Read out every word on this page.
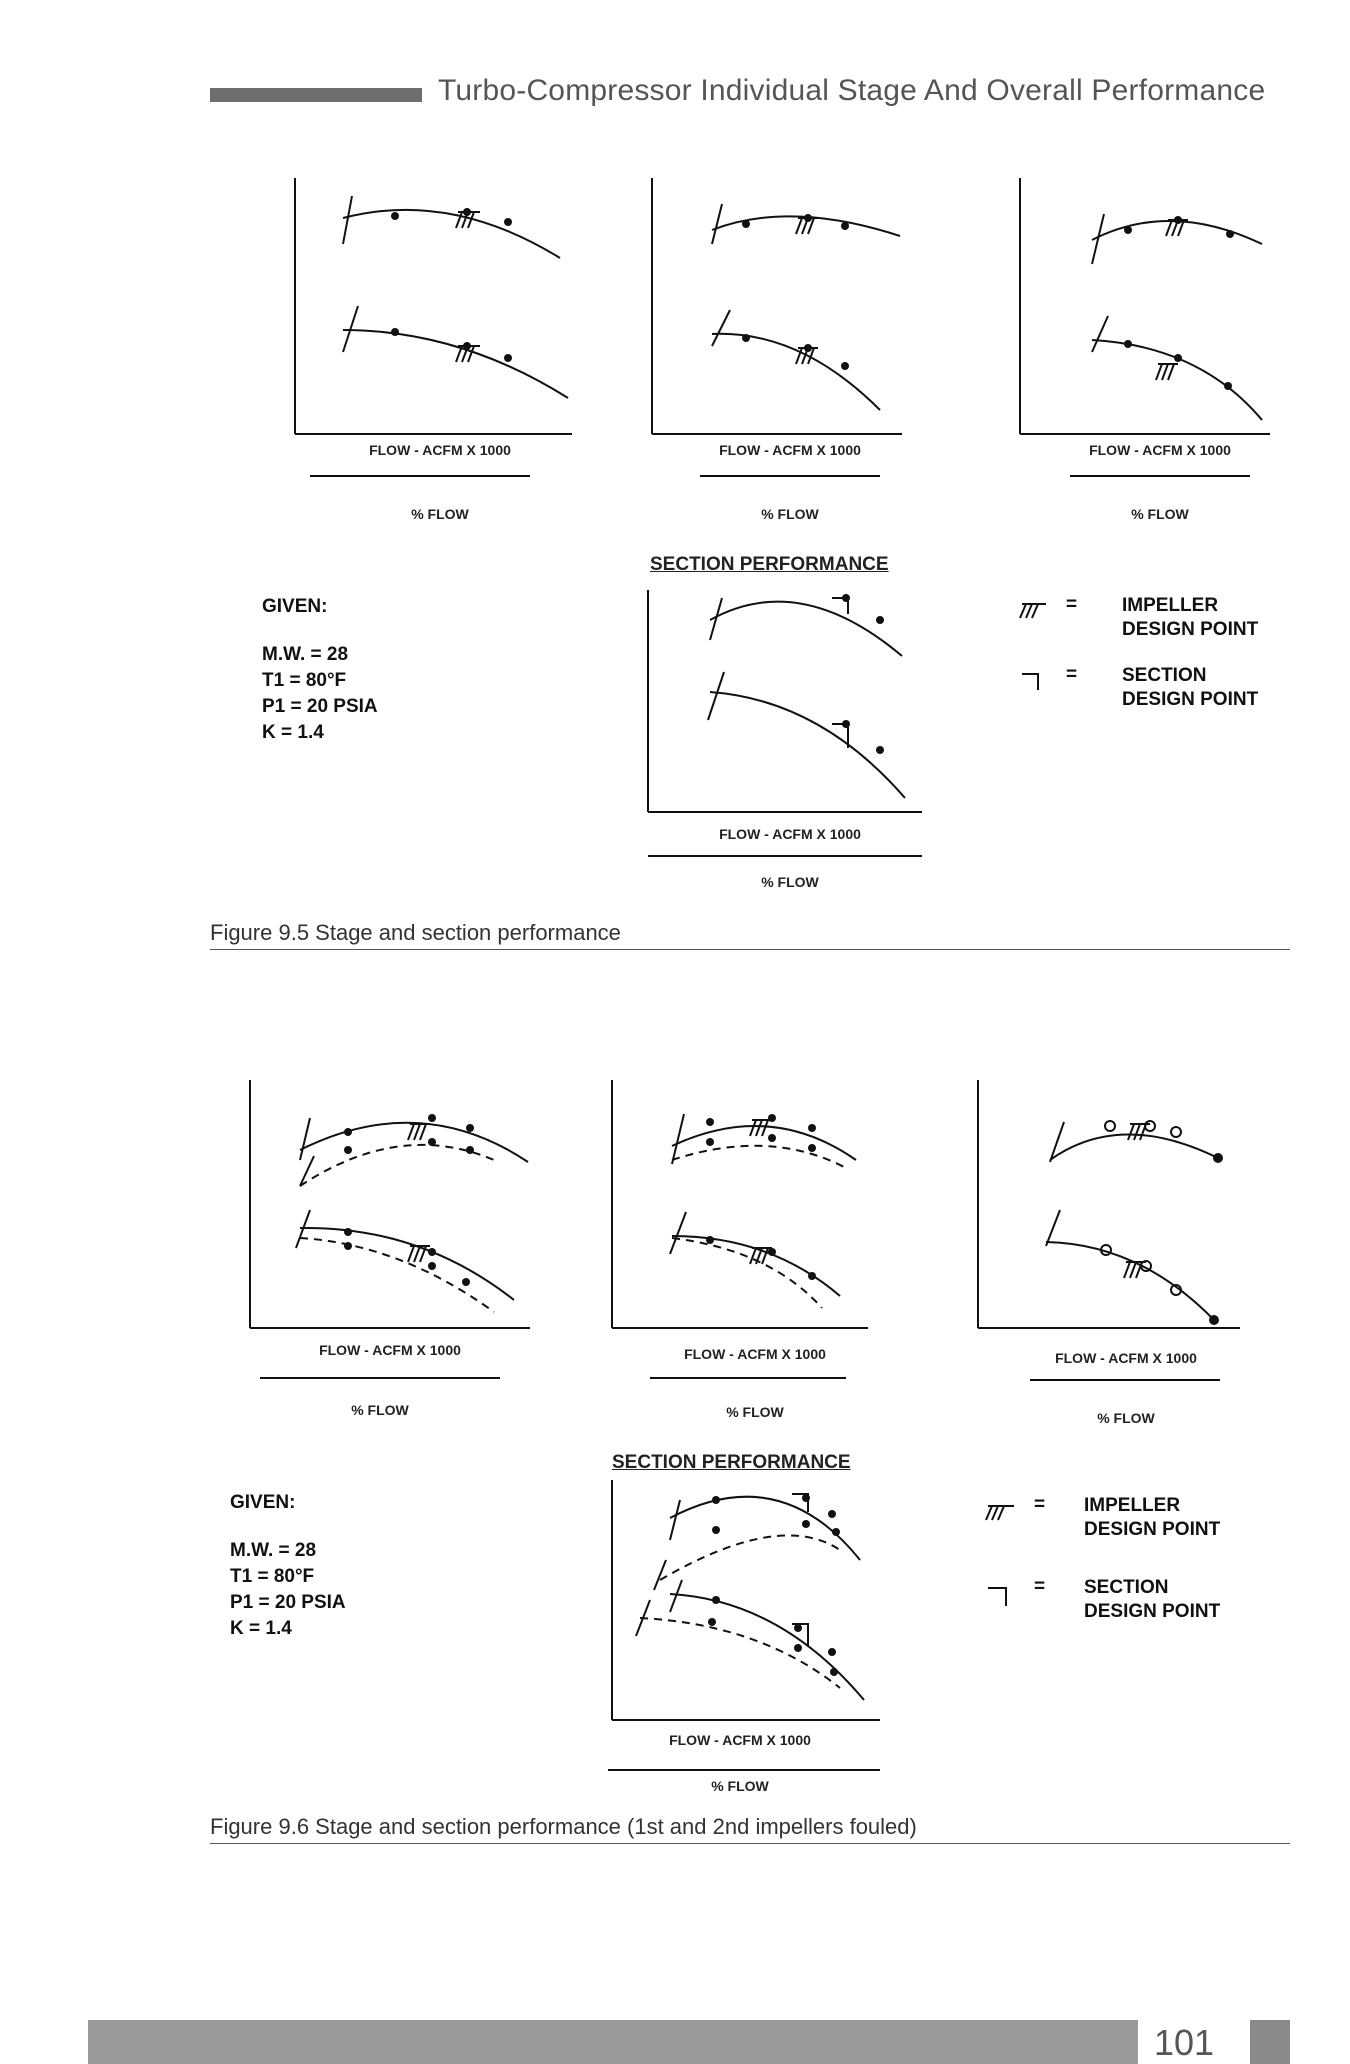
Turbo-Compressor Individual Stage And Overall Performance
FLOW - ACFM X 1000
% FLOW
FLOW - ACFM X 1000
% FLOW
FLOW - ACFM X 1000
% FLOW
SECTION PERFORMANCE
FLOW - ACFM X 1000
% FLOW
GIVEN:
M.W. = 28
T1 = 80°F
P1 = 20 PSIA
K = 1.4
= IMPELLER
DESIGN POINT
= SECTION
DESIGN POINT
Figure 9.5 Stage and section performance
FLOW - ACFM X 1000
% FLOW
FLOW - ACFM X 1000
% FLOW
FLOW - ACFM X 1000
% FLOW
SECTION PERFORMANCE
FLOW - ACFM X 1000
% FLOW
GIVEN:
M.W. = 28
T1 = 80°F
P1 = 20 PSIA
K = 1.4
= IMPELLER
DESIGN POINT
= SECTION
DESIGN POINT
Figure 9.6 Stage and section performance (1st and 2nd impellers fouled)
101
